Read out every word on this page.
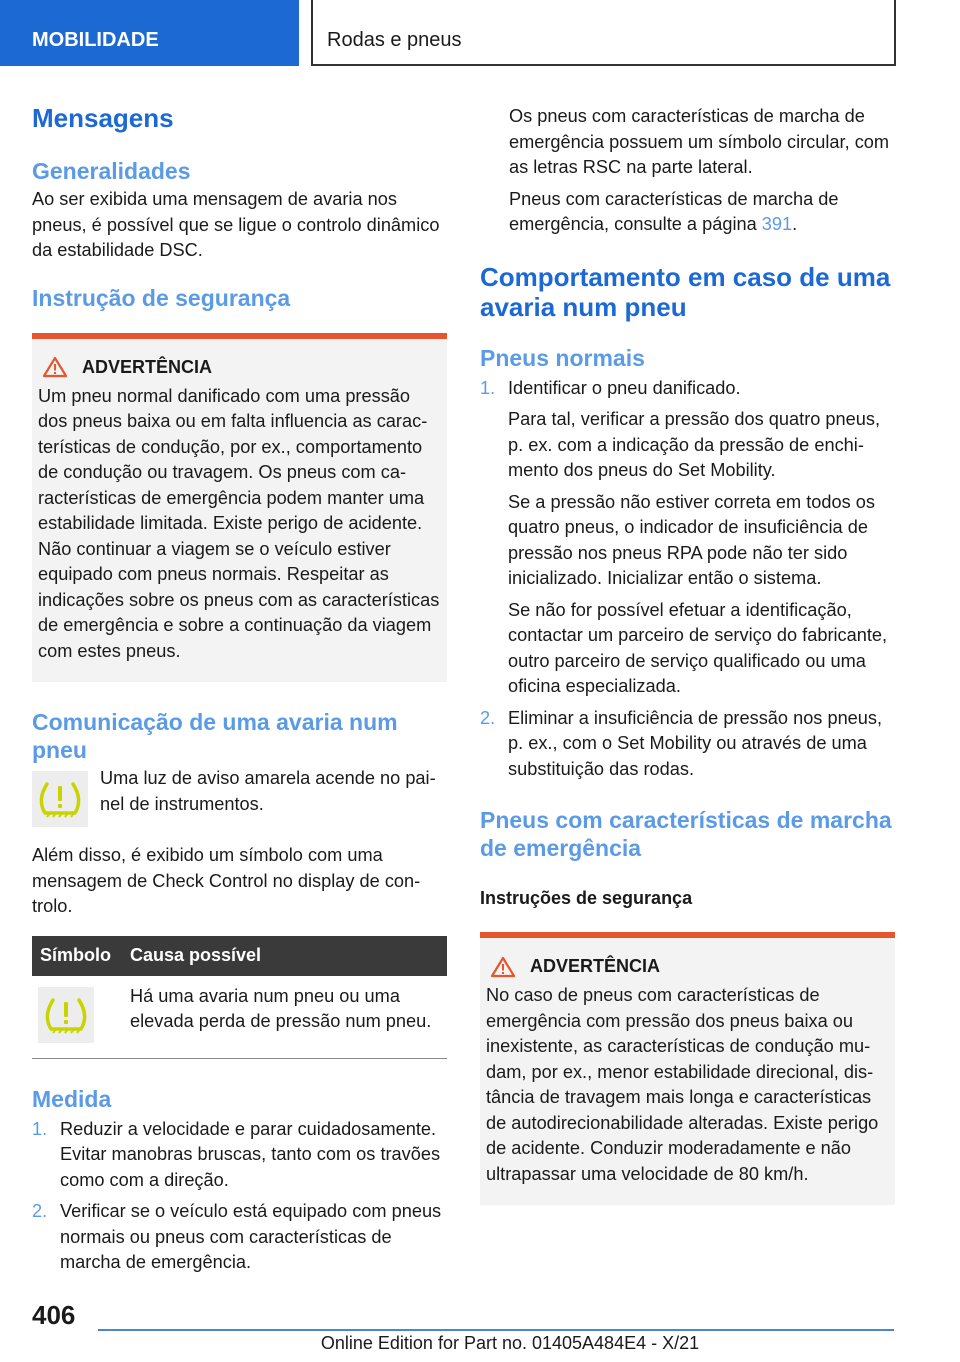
MOBILIDADE	Rodas e pneus
Mensagens
Generalidades
Ao ser exibida uma mensagem de avaria nos pneus, é possível que se ligue o controlo dinâmico da estabilidade DSC.
Instrução de segurança
ADVERTÊNCIA
Um pneu normal danificado com uma pressão dos pneus baixa ou em falta influencia as características de condução, por ex., comportamento de condução ou travagem. Os pneus com características de emergência podem manter uma estabilidade limitada. Existe perigo de acidente. Não continuar a viagem se o veículo estiver equipado com pneus normais. Respeitar as indicações sobre os pneus com as características de emergência e sobre a continuação da viagem com estes pneus.
Comunicação de uma avaria num pneu
Uma luz de aviso amarela acende no painel de instrumentos.
Além disso, é exibido um símbolo com uma mensagem de Check Control no display de controlo.
Símbolo	Causa possível
	Há uma avaria num pneu ou uma elevada perda de pressão num pneu.
Medida
1. Reduzir a velocidade e parar cuidadosamente. Evitar manobras bruscas, tanto com os travões como com a direção.
2. Verificar se o veículo está equipado com pneus normais ou pneus com características de marcha de emergência.
Os pneus com características de marcha de emergência possuem um símbolo circular, com as letras RSC na parte lateral.
Pneus com características de marcha de emergência, consulte a página 391.
Comportamento em caso de uma avaria num pneu
Pneus normais
1. Identificar o pneu danificado.

Para tal, verificar a pressão dos quatro pneus, p. ex. com a indicação da pressão de enchimento dos pneus do Set Mobility.

Se a pressão não estiver correta em todos os quatro pneus, o indicador de insuficiência de pressão nos pneus RPA pode não ter sido inicializado. Inicializar então o sistema.

Se não for possível efetuar a identificação, contactar um parceiro de serviço do fabricante, outro parceiro de serviço qualificado ou uma oficina especializada.

2. Eliminar a insuficiência de pressão nos pneus, p. ex., com o Set Mobility ou através de uma substituição das rodas.

Pneus com características de marcha de emergência
Instruções de segurança
ADVERTÊNCIA
No caso de pneus com características de emergência com pressão dos pneus baixa ou inexistente, as características de condução mudam, por ex., menor estabilidade direcional, distância de travagem mais longa e características de autodirecionabilidade alteradas. Existe perigo de acidente. Conduzir moderadamente e não ultrapassar uma velocidade de 80 km/h.
406
Online Edition for Part no. 01405A484E4 - X/21
